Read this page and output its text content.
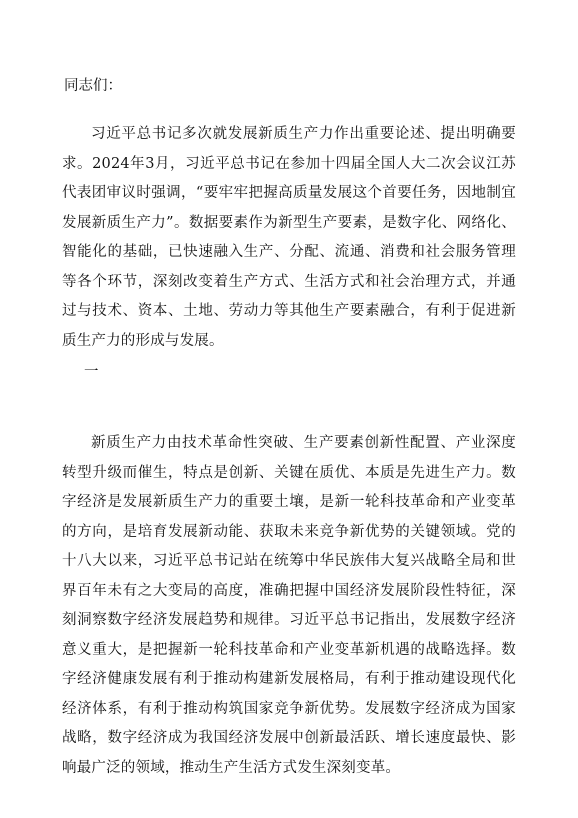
同志们：

习近平总书记多次就发展新质生产力作出重要论述、提出明确要求。2024年3月，习近平总书记在参加十四届全国人大二次会议江苏代表团审议时强调，“要牢牢把握高质量发展这个首要任务，因地制宜发展新质生产力”。数据要素作为新型生产要素，是数字化、网络化、智能化的基础，已快速融入生产、分配、流通、消费和社会服务管理等各个环节，深刻改变着生产方式、生活方式和社会治理方式，并通过与技术、资本、土地、劳动力等其他生产要素融合，有利于促进新质生产力的形成与发展。

一

新质生产力由技术革命性突破、生产要素创新性配置、产业深度转型升级而催生，特点是创新、关键在质优、本质是先进生产力。数字经济是发展新质生产力的重要土壤，是新一轮科技革命和产业变革的方向，是培育发展新动能、获取未来竞争新优势的关键领域。党的十八大以来，习近平总书记站在统筹中华民族伟大复兴战略全局和世界百年未有之大变局的高度，准确把握中国经济发展阶段性特征，深刻洞察数字经济发展趋势和规律。习近平总书记指出，发展数字经济意义重大，是把握新一轮科技革命和产业变革新机遇的战略选择。数字经济健康发展有利于推动构建新发展格局，有利于推动建设现代化经济体系，有利于推动构筑国家竞争新优势。发展数字经济成为国家战略，数字经济成为我国经济发展中创新最活跃、增长速度最快、影响最广泛的领域，推动生产生活方式发生深刻变革。
